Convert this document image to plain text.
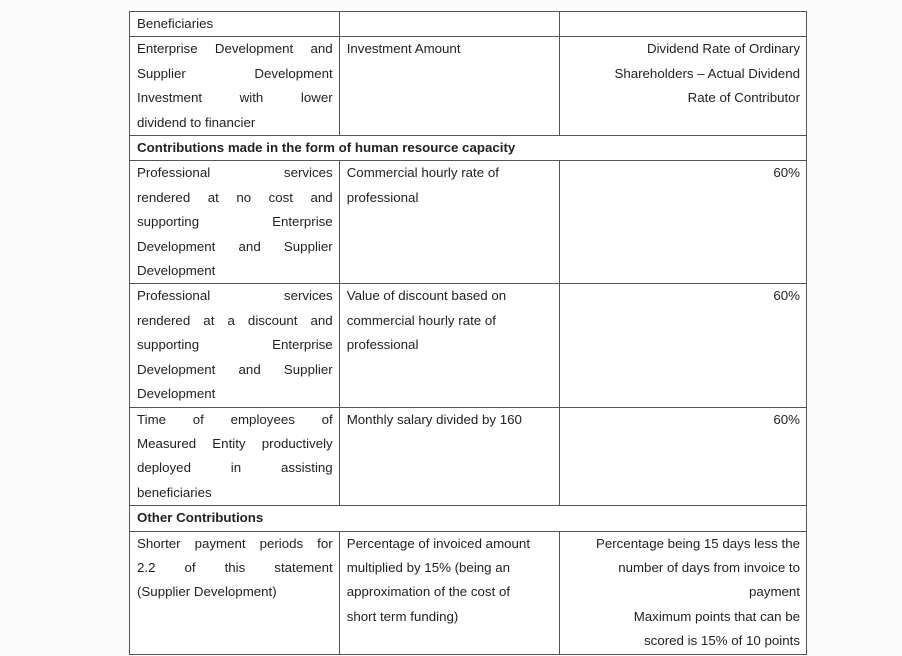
Beneficiaries		

Enterprise Development and
Supplier Development
Investment with lower
dividend to financier	Investment Amount	Dividend Rate of Ordinary
Shareholders – Actual Dividend
Rate of Contributor

Contributions made in the form of human resource capacity		

Professional services
rendered at no cost and
supporting Enterprise
Development and Supplier
Development	Commercial hourly rate of
professional	60%

Professional services
rendered at a discount and
supporting Enterprise
Development and Supplier
Development	Value of discount based on
commercial hourly rate of
professional	60%

Time of employees of
Measured Entity productively
deployed in assisting
beneficiaries	Monthly salary divided by 160	60%

Other Contributions		

Shorter payment periods for
2.2 of this statement
(Supplier Development)	Percentage of invoiced amount
multiplied by 15% (being an
approximation of the cost of
short term funding)	Percentage being 15 days less the
number of days from invoice to
payment
Maximum points that can be
scored is 15% of 10 points
